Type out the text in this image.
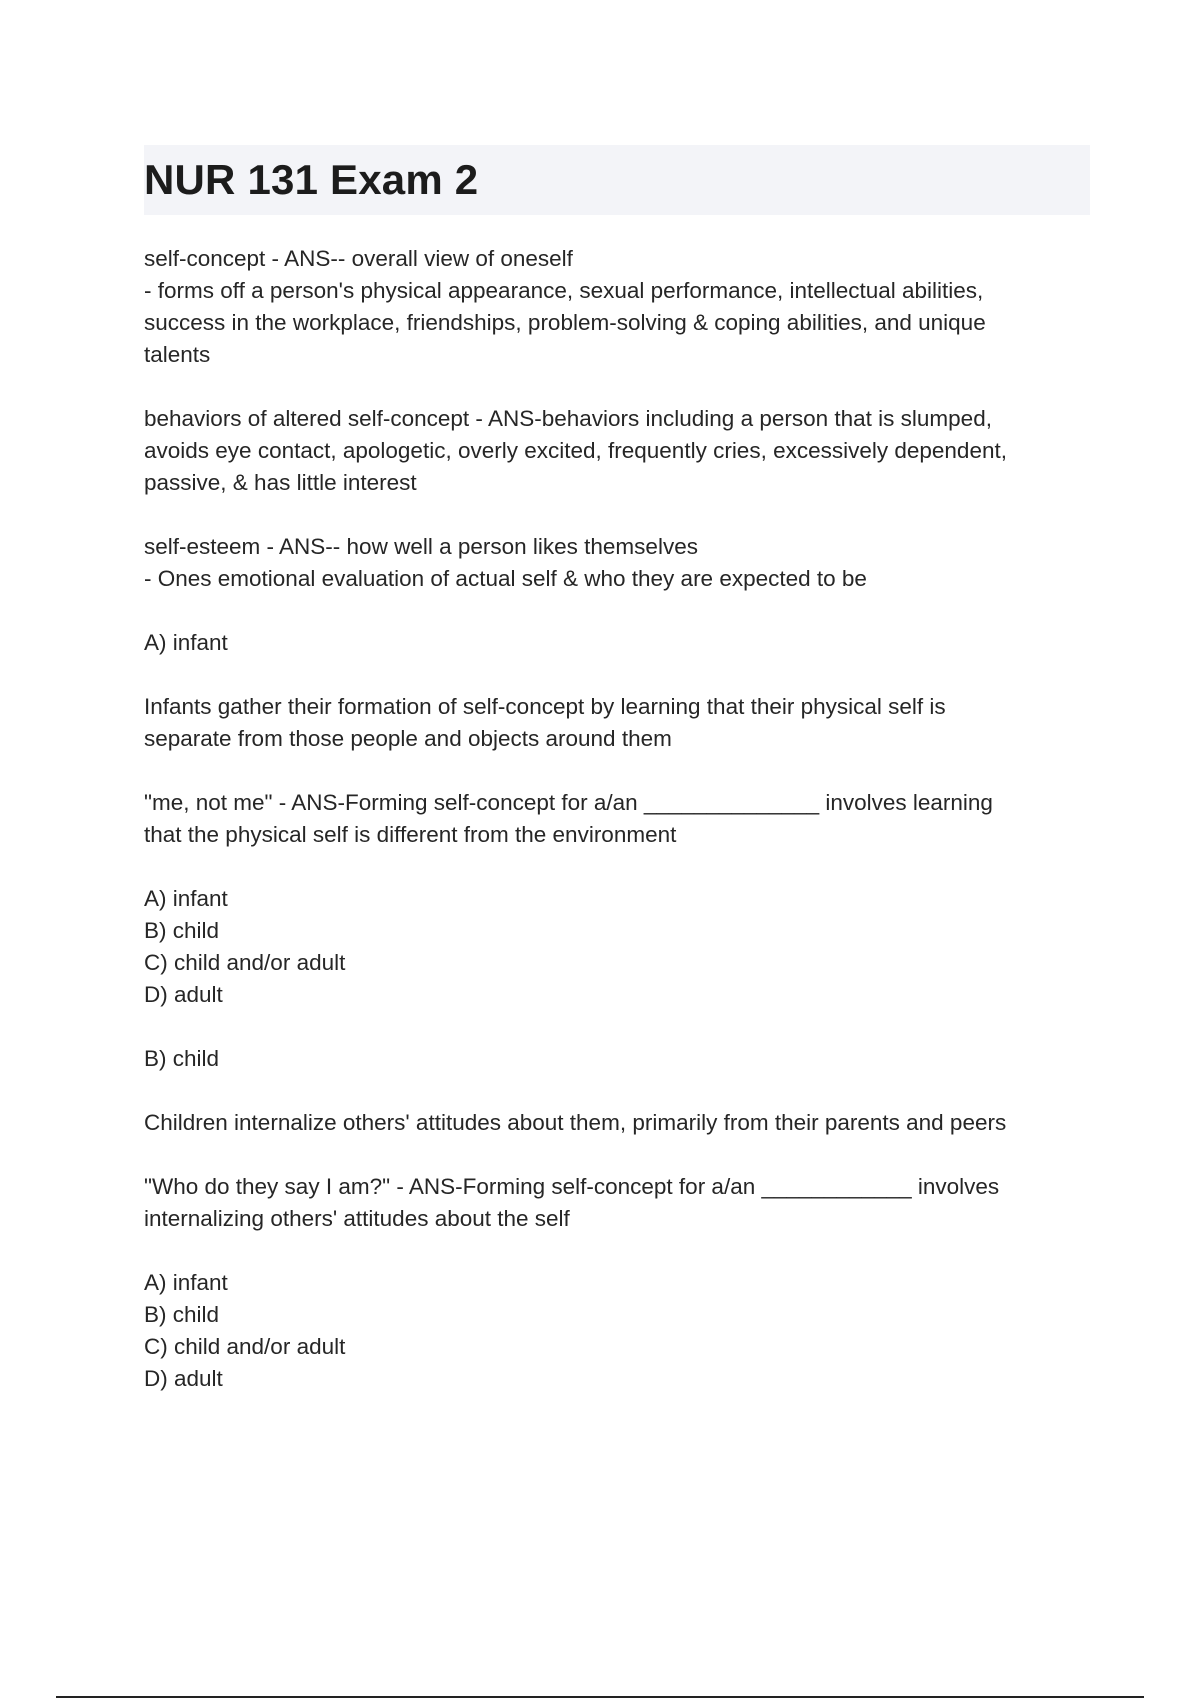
NUR 131 Exam 2
self-concept - ANS-- overall view of oneself
- forms off a person's physical appearance, sexual performance, intellectual abilities,
success in the workplace, friendships, problem-solving & coping abilities, and unique
talents
behaviors of altered self-concept - ANS-behaviors including a person that is slumped,
avoids eye contact, apologetic, overly excited, frequently cries, excessively dependent,
passive, & has little interest
self-esteem - ANS-- how well a person likes themselves
- Ones emotional evaluation of actual self & who they are expected to be
A) infant
Infants gather their formation of self-concept by learning that their physical self is
separate from those people and objects around them
"me, not me" - ANS-Forming self-concept for a/an ______________ involves learning
that the physical self is different from the environment
A) infant
B) child
C) child and/or adult
D) adult
B) child
Children internalize others' attitudes about them, primarily from their parents and peers
"Who do they say I am?" - ANS-Forming self-concept for a/an ____________ involves
internalizing others' attitudes about the self
A) infant
B) child
C) child and/or adult
D) adult
